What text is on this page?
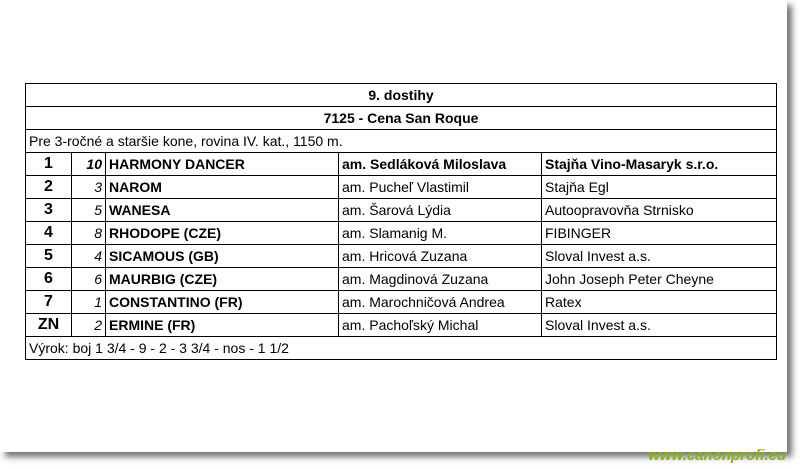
9. dostihy				
7125 - Cena San Roque				
Pre 3-ročné a staršie kone, rovina IV. kat., 1150 m.				
1	10	HARMONY DANCER	am. Sedláková Miloslava	Stajňa Vino-Masaryk s.r.o.
2	3	NAROM	am. Pucheľ Vlastimil	Stajňa Egl
3	5	WANESA	am. Šarová Lýdia	Autoopravovňa Strnisko
4	8	RHODOPE (CZE)	am. Slamanig M.	FIBINGER
5	4	SICAMOUS (GB)	am. Hricová Zuzana	Sloval Invest a.s.
6	6	MAURBIG (CZE)	am. Magdinová Zuzana	John Joseph Peter Cheyne
7	1	CONSTANTINO (FR)	am. Marochničová Andrea	Ratex
ZN	2	ERMINE (FR)	am. Pachoľský Michal	Sloval Invest a.s.
Výrok: boj 1 3/4 - 9 - 2 - 3 3/4 - nos - 1 1/2				
www.canonprofi.eu
